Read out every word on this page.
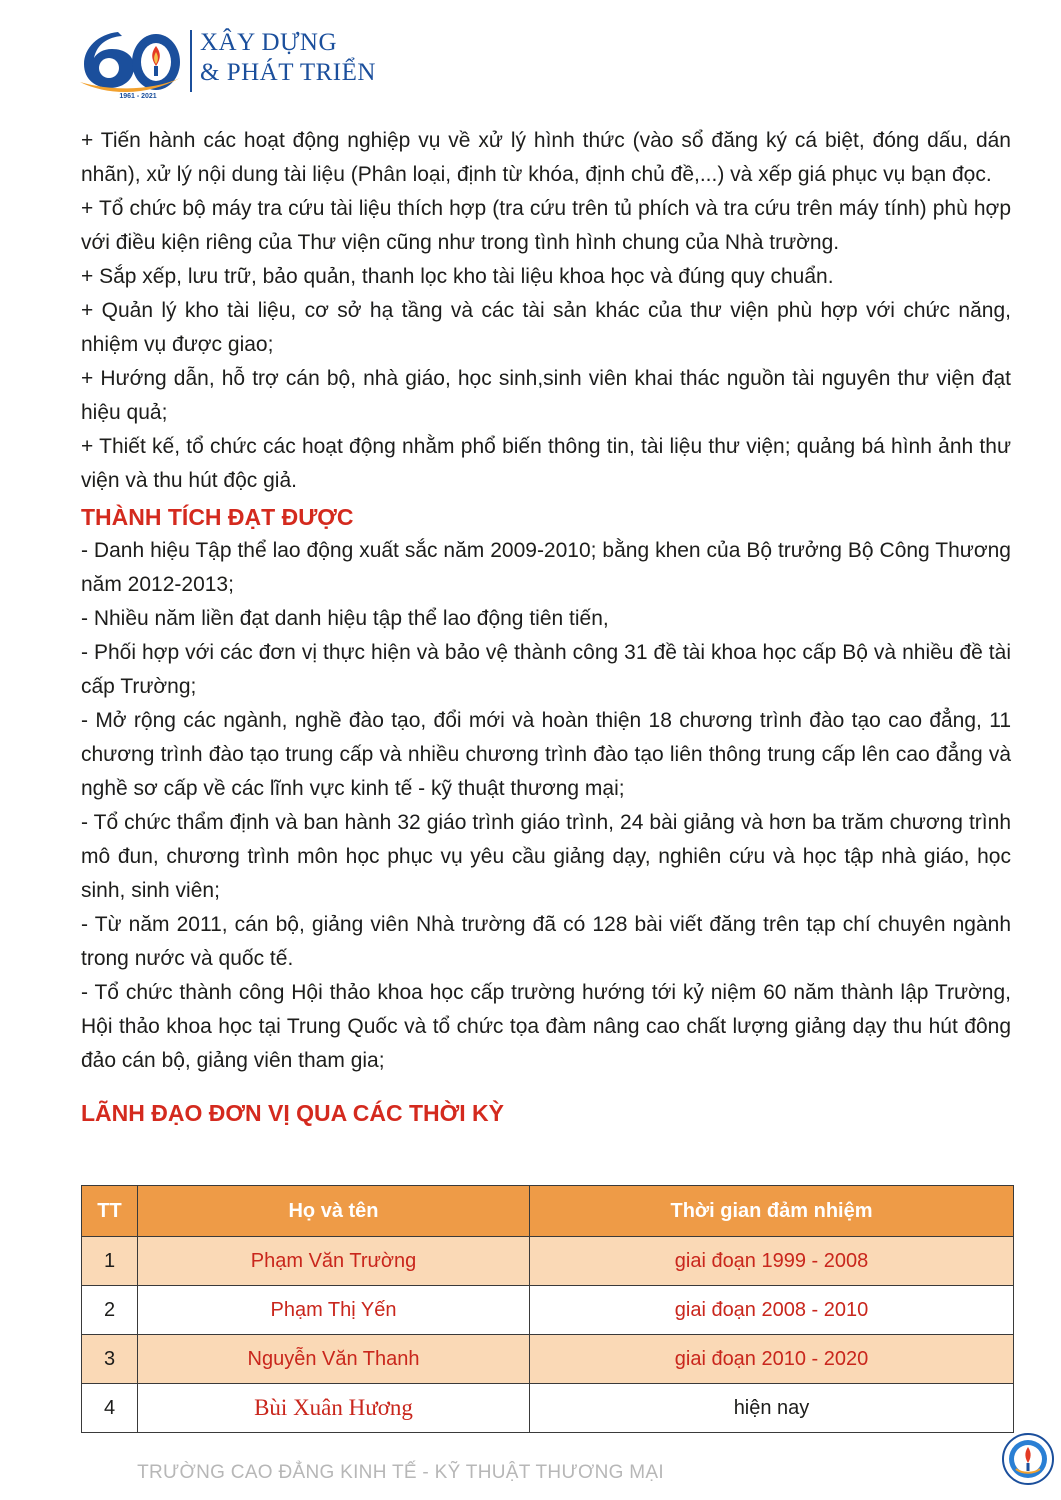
1961 - 2021
XÂY DỰNG
& PHÁT TRIỂN

+ Tiến hành các hoạt động nghiệp vụ về xử lý hình thức (vào sổ đăng ký cá biệt, đóng dấu, dán nhãn), xử lý nội dung tài liệu (Phân loại, định từ khóa, định chủ đề,...) và xếp giá phục vụ bạn đọc.

+ Tổ chức bộ máy tra cứu tài liệu thích hợp (tra cứu trên tủ phích và tra cứu trên máy tính) phù hợp với điều kiện riêng của Thư viện cũng như trong tình hình chung của Nhà trường.

+ Sắp xếp, lưu trữ, bảo quản, thanh lọc kho tài liệu khoa học và đúng quy chuẩn.

+ Quản lý kho tài liệu, cơ sở hạ tầng và các tài sản khác của thư viện phù hợp với chức năng, nhiệm vụ được giao;

+ Hướng dẫn, hỗ trợ cán bộ, nhà giáo, học sinh,sinh viên khai thác nguồn tài nguyên thư viện đạt hiệu quả;

+ Thiết kế, tổ chức các hoạt động nhằm phổ biến thông tin, tài liệu thư viện; quảng bá hình ảnh thư viện và thu hút độc giả.

THÀNH TÍCH ĐẠT ĐƯỢC

- Danh hiệu Tập thể lao động xuất sắc năm 2009-2010; bằng khen của Bộ trưởng Bộ Công Thương năm 2012-2013;

- Nhiều năm liền đạt danh hiệu tập thể lao động tiên tiến,

- Phối hợp với các đơn vị thực hiện và bảo vệ thành công 31 đề tài khoa học cấp Bộ và nhiều đề tài cấp Trường;

- Mở rộng các ngành, nghề đào tạo, đổi mới và hoàn thiện 18 chương trình đào tạo cao đẳng, 11 chương trình đào tạo trung cấp và nhiều chương trình đào tạo liên thông trung cấp lên cao đẳng và nghề sơ cấp về các lĩnh vực kinh tế - kỹ thuật thương mại;

- Tổ chức thẩm định và ban hành 32 giáo trình giáo trình, 24 bài giảng và hơn ba trăm chương trình mô đun, chương trình môn học phục vụ yêu cầu giảng dạy, nghiên cứu và học tập nhà giáo, học sinh, sinh viên;

- Từ năm 2011, cán bộ, giảng viên Nhà trường đã có 128 bài viết đăng trên tạp chí chuyên ngành trong nước và quốc tế.

- Tổ chức thành công Hội thảo khoa học cấp trường hướng tới kỷ niệm 60 năm thành lập Trường, Hội thảo khoa học tại Trung Quốc và tổ chức tọa đàm nâng cao chất lượng giảng dạy thu hút đông đảo cán bộ, giảng viên tham gia;

LÃNH ĐẠO ĐƠN VỊ QUA CÁC THỜI KỲ
TT	Họ và tên	Thời gian đảm nhiệm
1	Phạm Văn Trường	giai đoạn 1999 - 2008
2	Phạm Thị Yến	giai đoạn 2008 - 2010
3	Nguyễn Văn Thanh	giai đoạn 2010 - 2020
4	Bùi Xuân Hương	hiện nay
TRƯỜNG CAO ĐẲNG KINH TẾ - KỸ THUẬT THƯƠNG MẠI
